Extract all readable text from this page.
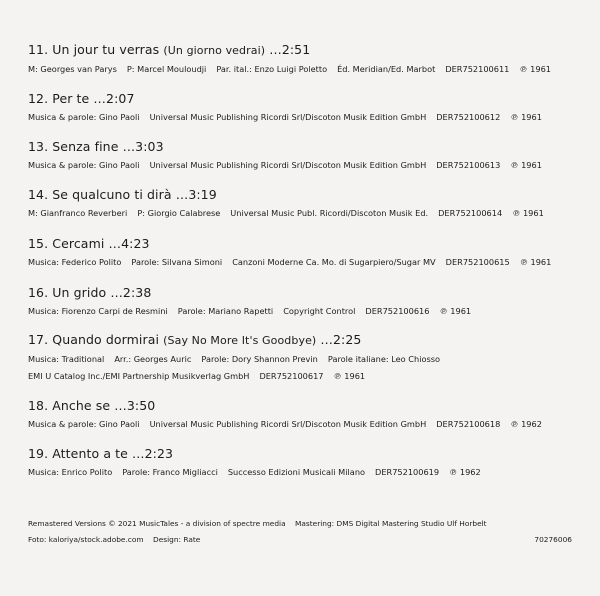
11. Un jour tu verras (Un giorno vedrai) …2:51
M: Georges van Parys P: Marcel Mouloudji Par. ital.: Enzo Luigi Poletto Éd. Meridian/Ed. Marbot DER752100611 ℗ 1961
12. Per te …2:07
Musica & parole: Gino Paoli Universal Music Publishing Ricordi Srl/Discoton Musik Edition GmbH DER752100612 ℗ 1961
13. Senza fine …3:03
Musica & parole: Gino Paoli Universal Music Publishing Ricordi Srl/Discoton Musik Edition GmbH DER752100613 ℗ 1961
14. Se qualcuno ti dirà …3:19
M: Gianfranco Reverberi P: Giorgio Calabrese Universal Music Publ. Ricordi/Discoton Musik Ed. DER752100614 ℗ 1961
15. Cercami …4:23
Musica: Federico Polito Parole: Silvana Simoni Canzoni Moderne Ca. Mo. di Sugarpiero/Sugar MV DER752100615 ℗ 1961
16. Un grido …2:38
Musica: Fiorenzo Carpi de Resmini Parole: Mariano Rapetti Copyright Control DER752100616 ℗ 1961
17. Quando dormirai (Say No More It's Goodbye) …2:25
Musica: Traditional Arr.: Georges Auric Parole: Dory Shannon Previn Parole italiane: Leo Chiosso
EMI U Catalog Inc./EMI Partnership Musikverlag GmbH DER752100617 ℗ 1961
18. Anche se …3:50
Musica & parole: Gino Paoli Universal Music Publishing Ricordi Srl/Discoton Musik Edition GmbH DER752100618 ℗ 1962
19. Attento a te …2:23
Musica: Enrico Polito Parole: Franco Migliacci Successo Edizioni Musicali Milano DER752100619 ℗ 1962
Remastered Versions © 2021 MusicTales - a division of spectre media Mastering: DMS Digital Mastering Studio Ulf Horbelt
Foto: kaloriya/stock.adobe.com Design: Rate	70276006
